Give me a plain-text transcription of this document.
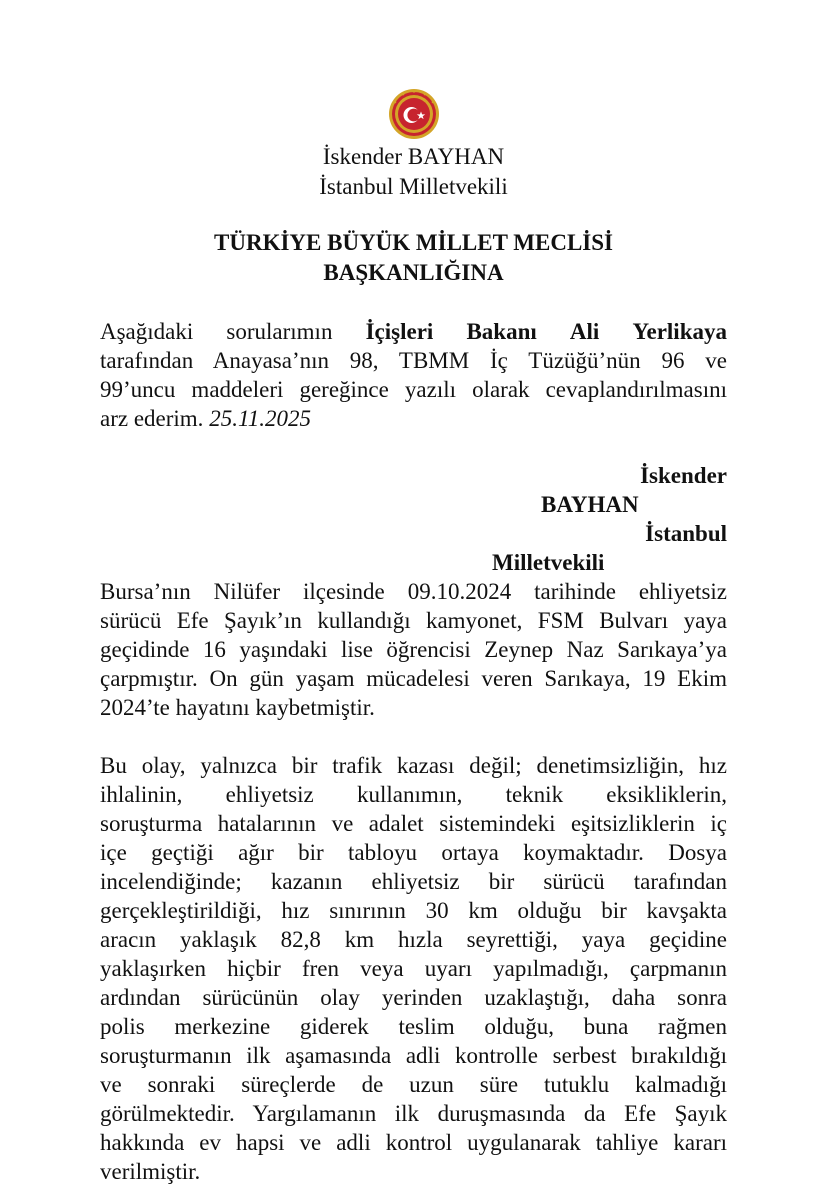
İskender BAYHAN
İstanbul Milletvekili
TÜRKİYE BÜYÜK MİLLET MECLİSİ
BAŞKANLIĞINA
Aşağıdaki sorularımın İçişleri Bakanı Ali Yerlikaya
tarafından Anayasa’nın 98, TBMM İç Tüzüğü’nün 96 ve
99’uncu maddeleri gereğince yazılı olarak cevaplandırılmasını
arz ederim. 25.11.2025
İskender
BAYHAN
İstanbul
Milletvekili
Bursa’nın Nilüfer ilçesinde 09.10.2024 tarihinde ehliyetsiz
sürücü Efe Şayık’ın kullandığı kamyonet, FSM Bulvarı yaya
geçidinde 16 yaşındaki lise öğrencisi Zeynep Naz Sarıkaya’ya
çarpmıştır. On gün yaşam mücadelesi veren Sarıkaya, 19 Ekim
2024’te hayatını kaybetmiştir.
Bu olay, yalnızca bir trafik kazası değil; denetimsizliğin, hız
ihlalinin, ehliyetsiz kullanımın, teknik eksikliklerin,
soruşturma hatalarının ve adalet sistemindeki eşitsizliklerin iç
içe geçtiği ağır bir tabloyu ortaya koymaktadır. Dosya
incelendiğinde; kazanın ehliyetsiz bir sürücü tarafından
gerçekleştirildiği, hız sınırının 30 km olduğu bir kavşakta
aracın yaklaşık 82,8 km hızla seyrettiği, yaya geçidine
yaklaşırken hiçbir fren veya uyarı yapılmadığı, çarpmanın
ardından sürücünün olay yerinden uzaklaştığı, daha sonra
polis merkezine giderek teslim olduğu, buna rağmen
soruşturmanın ilk aşamasında adli kontrolle serbest bırakıldığı
ve sonraki süreçlerde de uzun süre tutuklu kalmadığı
görülmektedir. Yargılamanın ilk duruşmasında da Efe Şayık
hakkında ev hapsi ve adli kontrol uygulanarak tahliye kararı
verilmiştir.
